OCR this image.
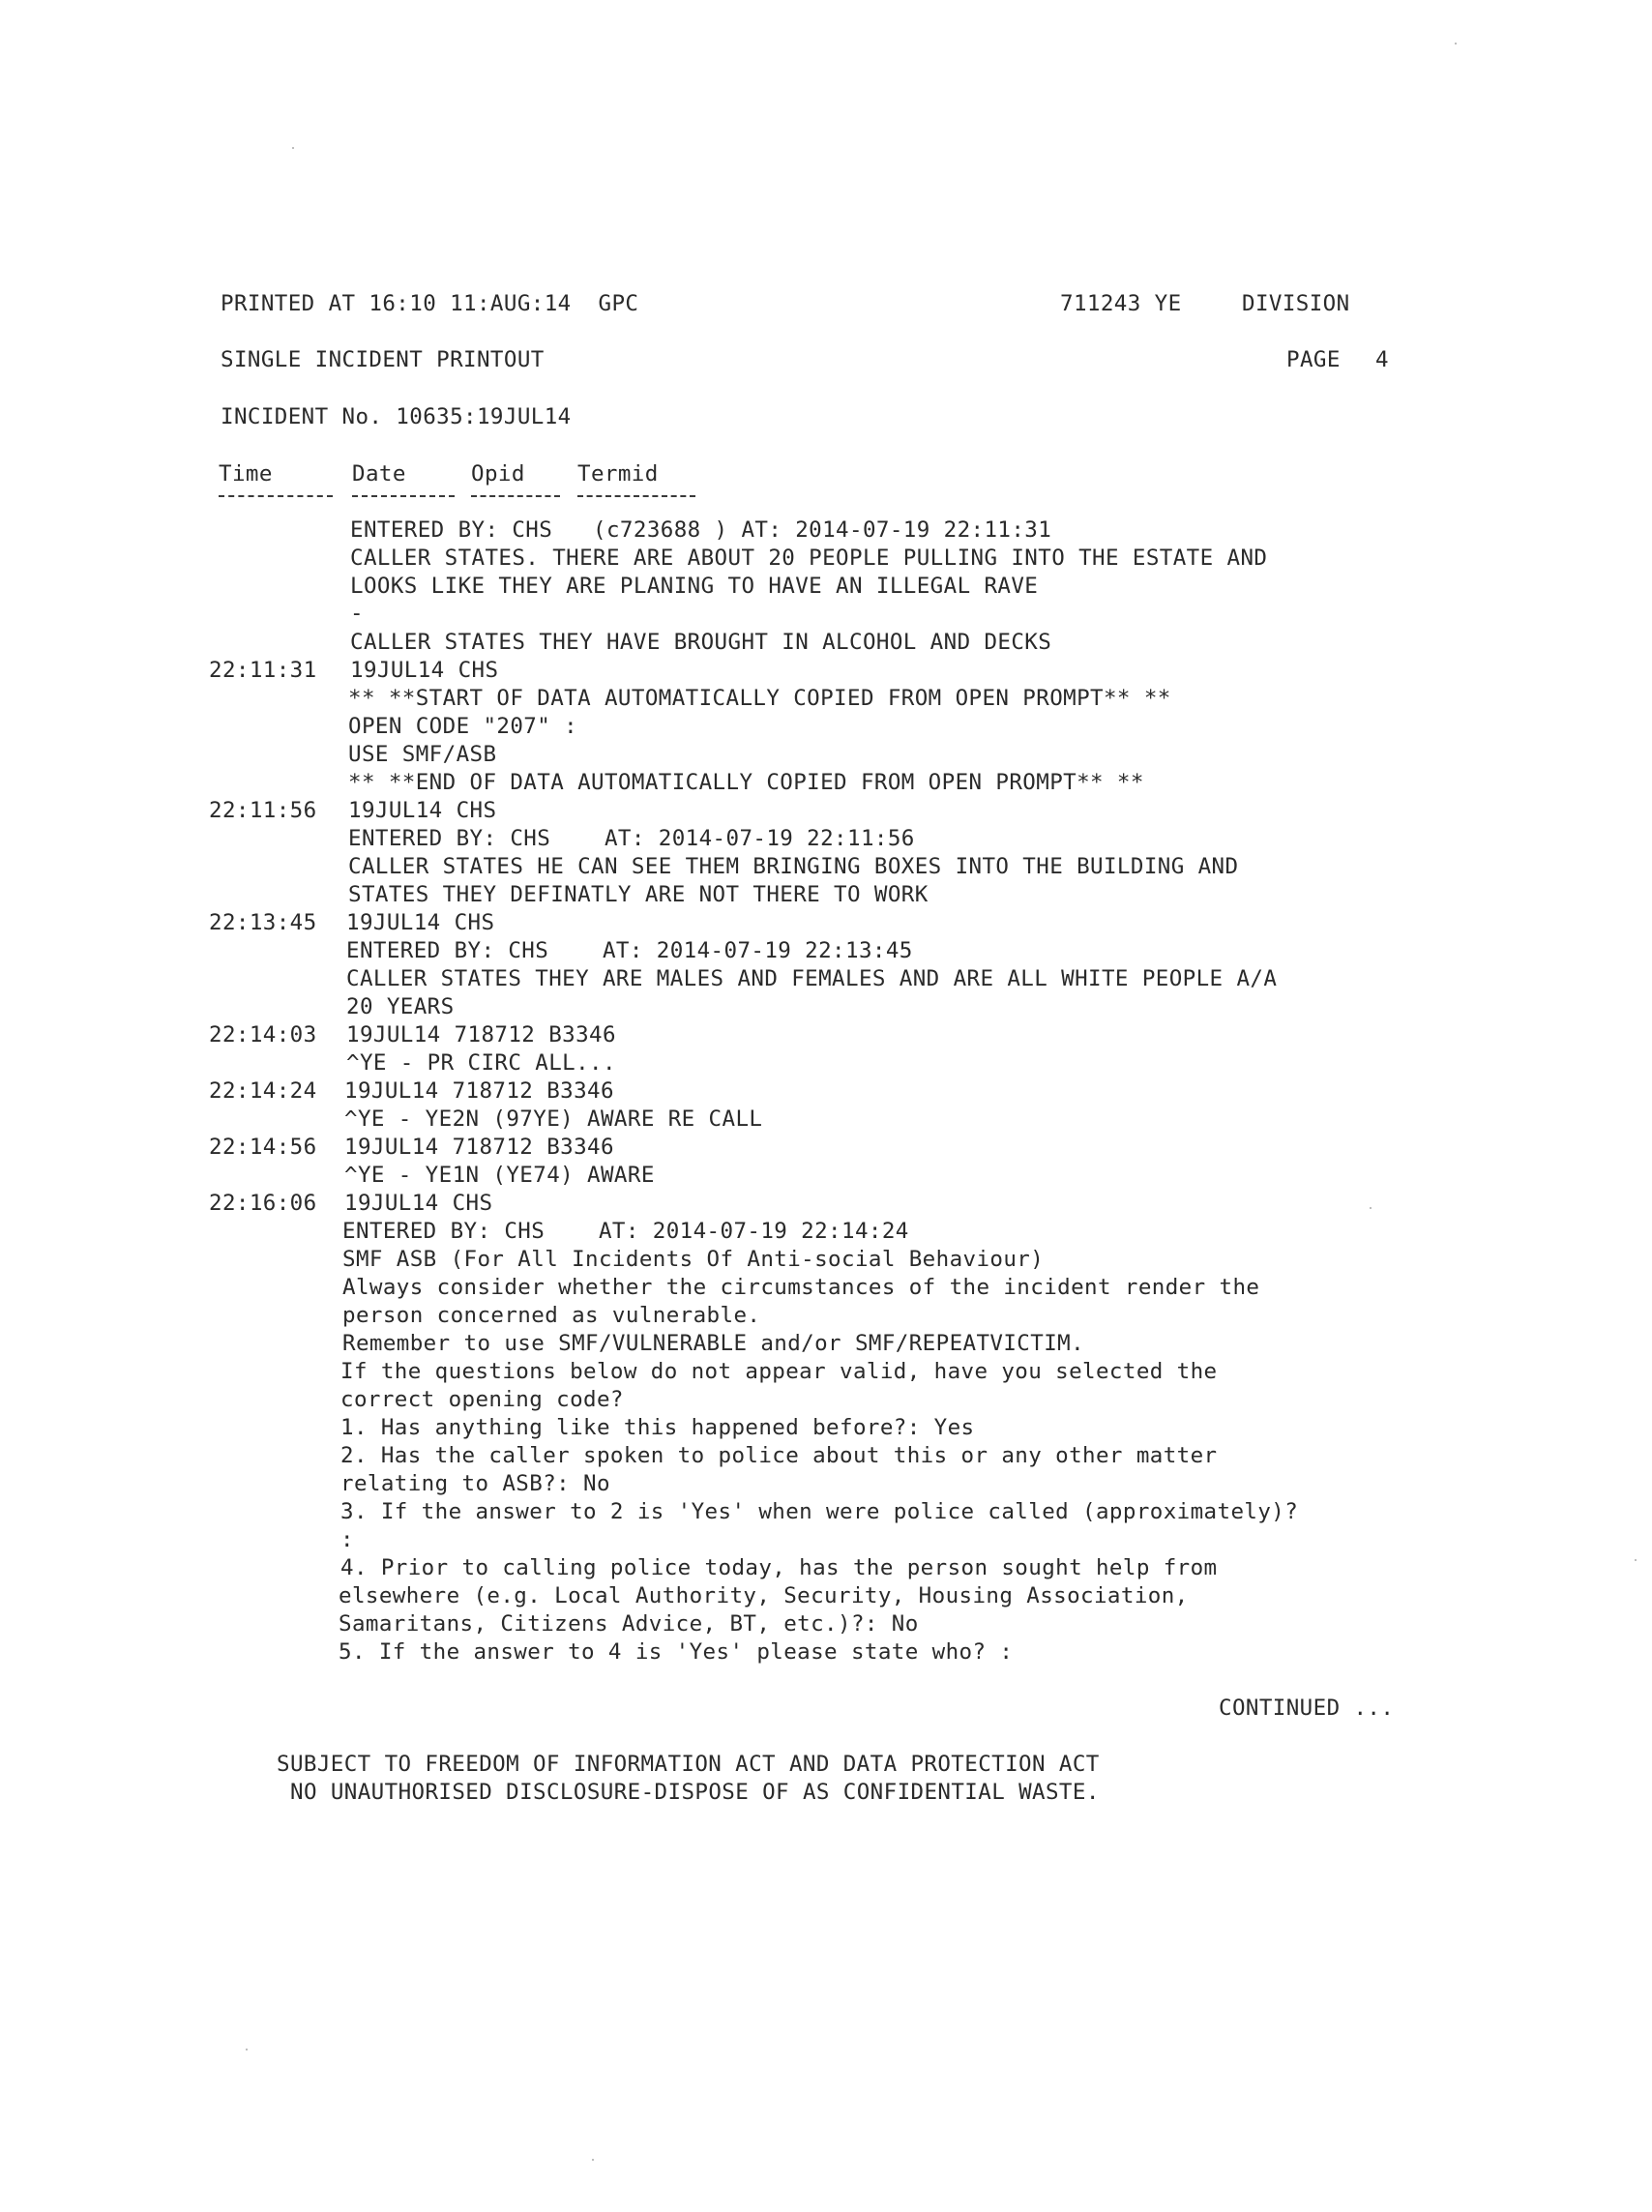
PRINTED AT 16:10 11:AUG:14  GPC	711243 YE	DIVISION
SINGLE INCIDENT PRINTOUT	PAGE 4
INCIDENT No. 10635:19JUL14
Time	Date	Opid Termid
ENTERED BY: CHS   (c723688 ) AT: 2014-07-19 22:11:31
CALLER STATES. THERE ARE ABOUT 20 PEOPLE PULLING INTO THE ESTATE AND
LOOKS LIKE THEY ARE PLANING TO HAVE AN ILLEGAL RAVE
-
CALLER STATES THEY HAVE BROUGHT IN ALCOHOL AND DECKS
22:11:31 19JUL14 CHS
** **START OF DATA AUTOMATICALLY COPIED FROM OPEN PROMPT** **
OPEN CODE "207" :
USE SMF/ASB
** **END OF DATA AUTOMATICALLY COPIED FROM OPEN PROMPT** **
22:11:56 19JUL14 CHS
ENTERED BY: CHS    AT: 2014-07-19 22:11:56
CALLER STATES HE CAN SEE THEM BRINGING BOXES INTO THE BUILDING AND
STATES THEY DEFINATLY ARE NOT THERE TO WORK
22:13:45 19JUL14 CHS
ENTERED BY: CHS    AT: 2014-07-19 22:13:45
CALLER STATES THEY ARE MALES AND FEMALES AND ARE ALL WHITE PEOPLE A/A
20 YEARS
22:14:03 19JUL14 718712 B3346
^YE - PR CIRC ALL...
22:14:24 19JUL14 718712 B3346
^YE - YE2N (97YE) AWARE RE CALL
22:14:56 19JUL14 718712 B3346
^YE - YE1N (YE74) AWARE
22:16:06 19JUL14 CHS
ENTERED BY: CHS    AT: 2014-07-19 22:14:24
SMF ASB (For All Incidents Of Anti-social Behaviour)
Always consider whether the circumstances of the incident render the
person concerned as vulnerable.
Remember to use SMF/VULNERABLE and/or SMF/REPEATVICTIM.
If the questions below do not appear valid, have you selected the
correct opening code?
1. Has anything like this happened before?: Yes
2. Has the caller spoken to police about this or any other matter
relating to ASB?: No
3. If the answer to 2 is 'Yes' when were police called (approximately)?
:
4. Prior to calling police today, has the person sought help from
elsewhere (e.g. Local Authority, Security, Housing Association,
Samaritans, Citizens Advice, BT, etc.)?: No
5. If the answer to 4 is 'Yes' please state who? :
CONTINUED ...
SUBJECT TO FREEDOM OF INFORMATION ACT AND DATA PROTECTION ACT
NO UNAUTHORISED DISCLOSURE-DISPOSE OF AS CONFIDENTIAL WASTE.
